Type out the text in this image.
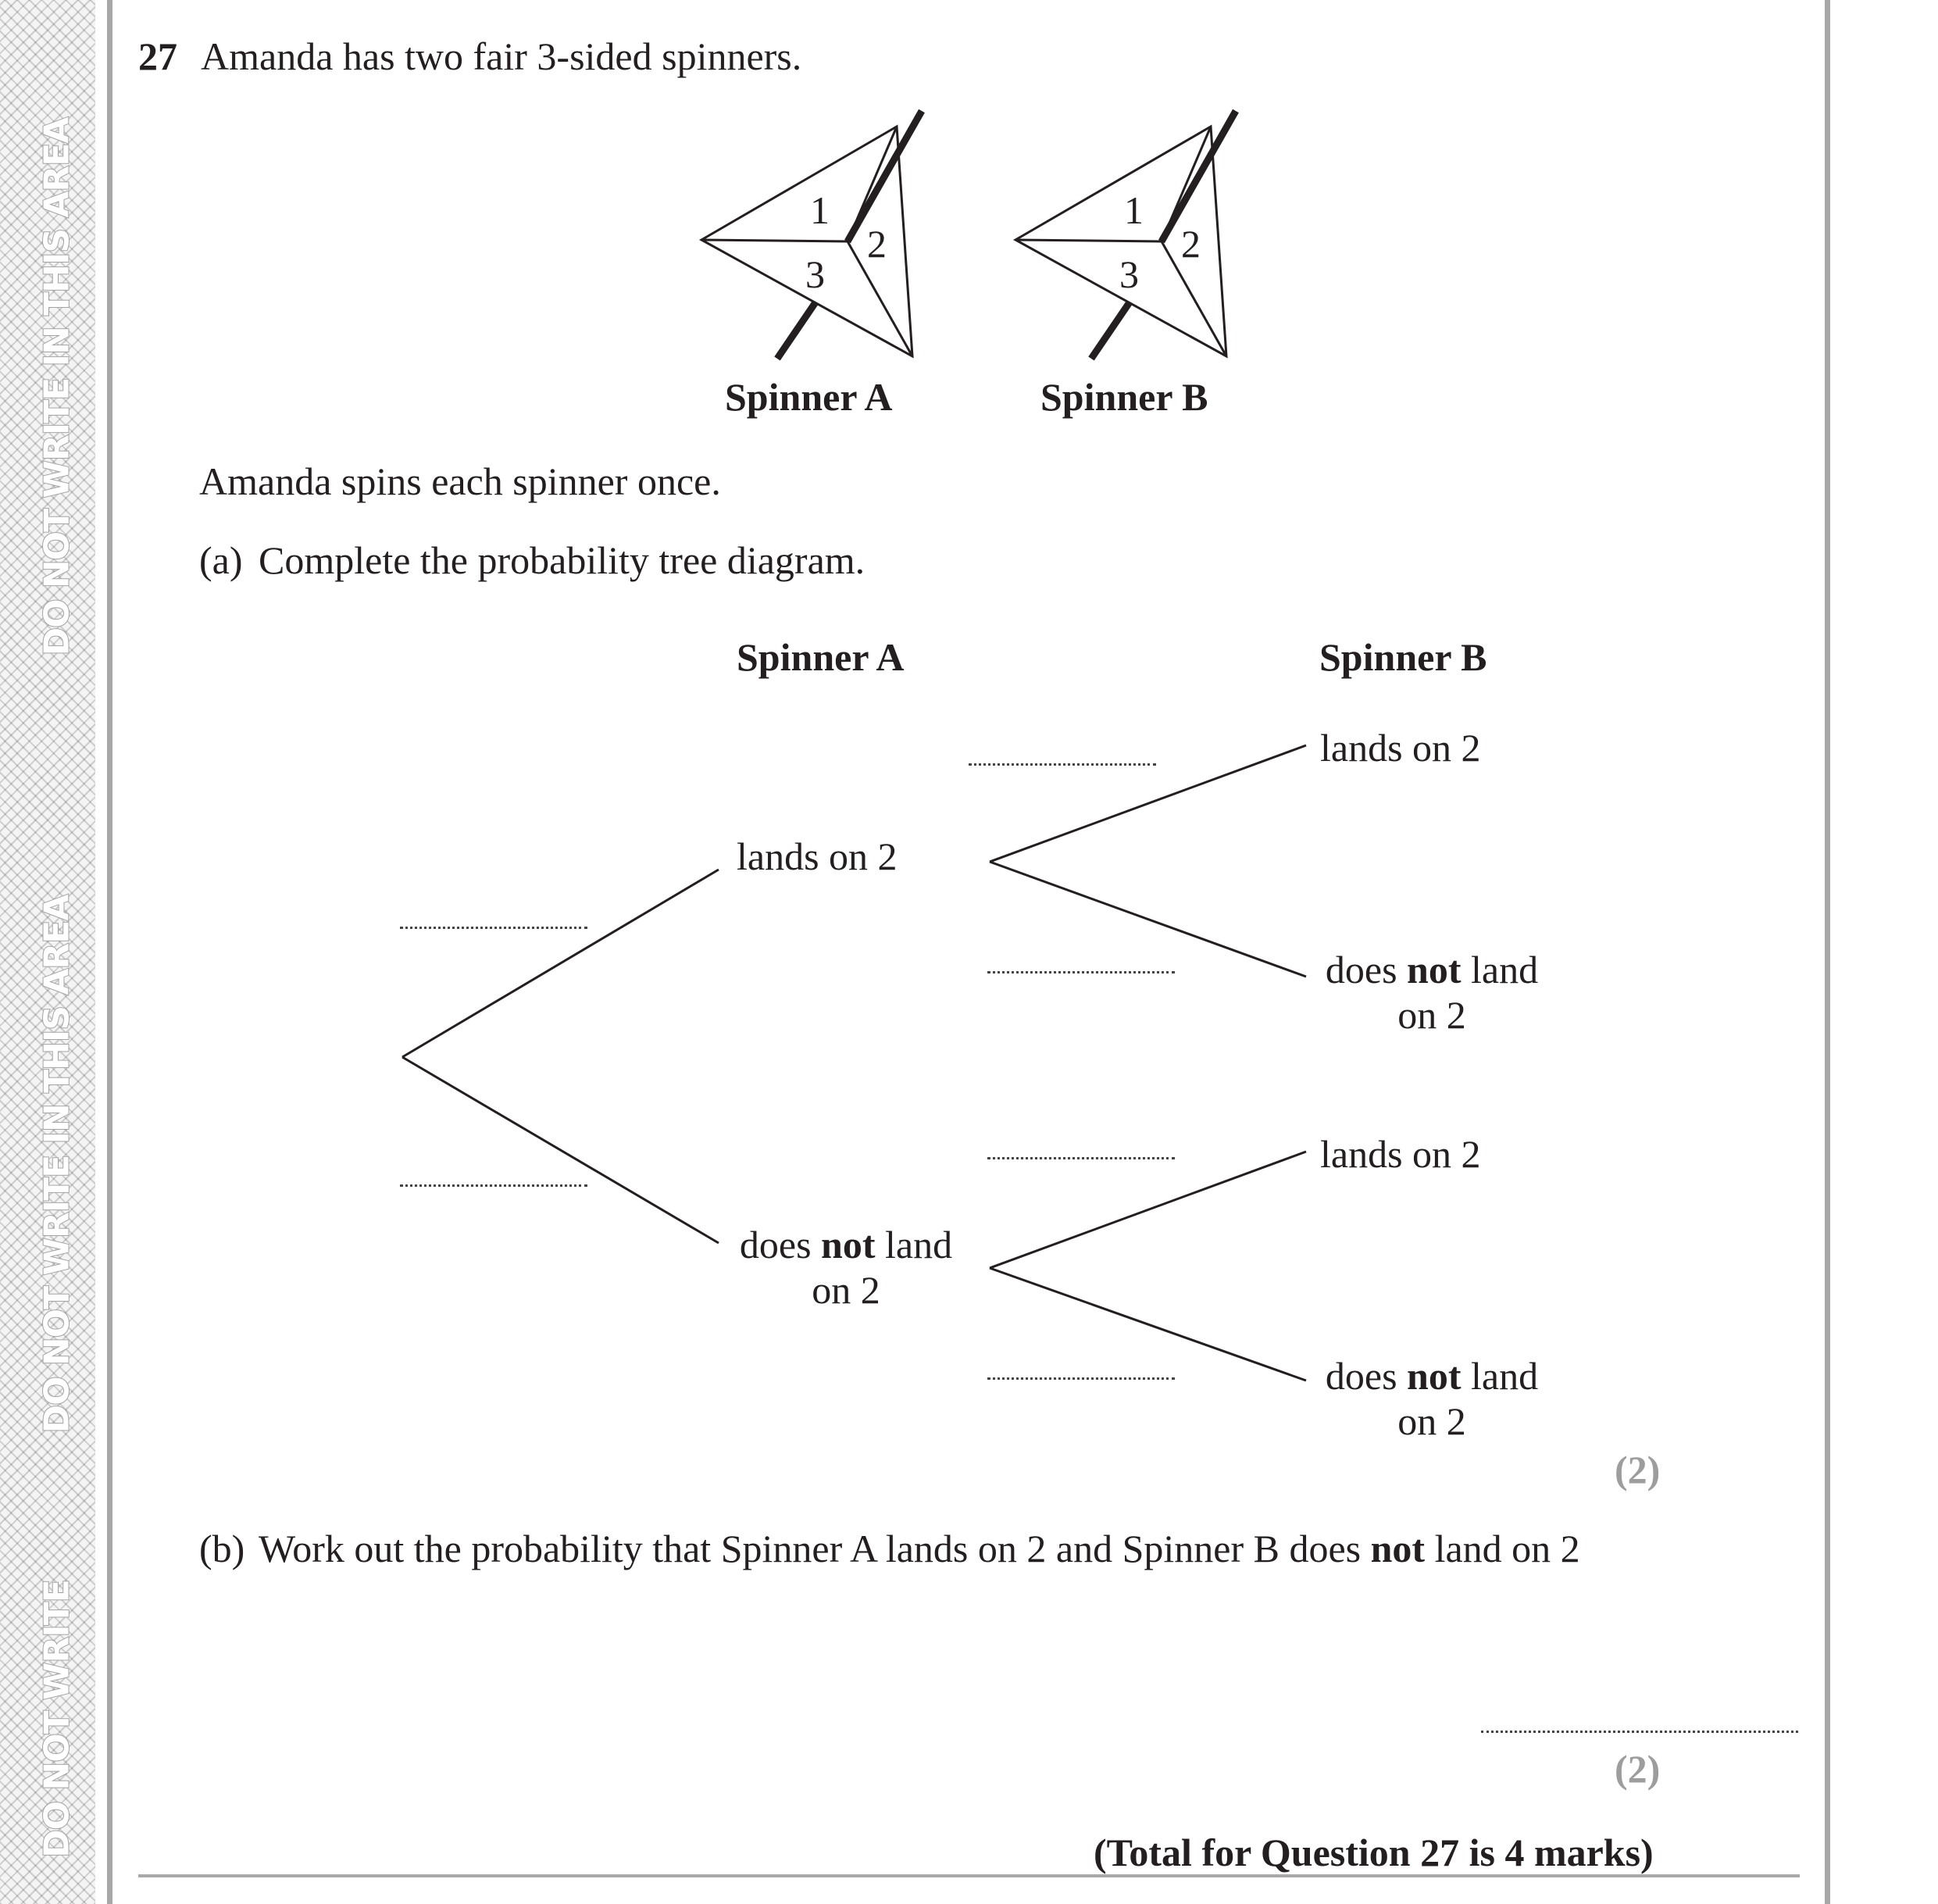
DO NOT WRITE IN THIS AREA
DO NOT WRITE IN THIS AREA
DO NOT WRITE
27 Amanda has two fair 3-sided spinners.
1
2
3
1
2
3
Spinner A	Spinner B
Amanda spins each spinner once.
(a) Complete the probability tree diagram.
Spinner A	Spinner B
lands on 2
does not land
on 2
lands on 2
does not land
on 2
lands on 2
does not land
on 2
(2)
(b) Work out the probability that Spinner A lands on 2 and Spinner B does not land on 2
(2)
(Total for Question 27 is 4 marks)
